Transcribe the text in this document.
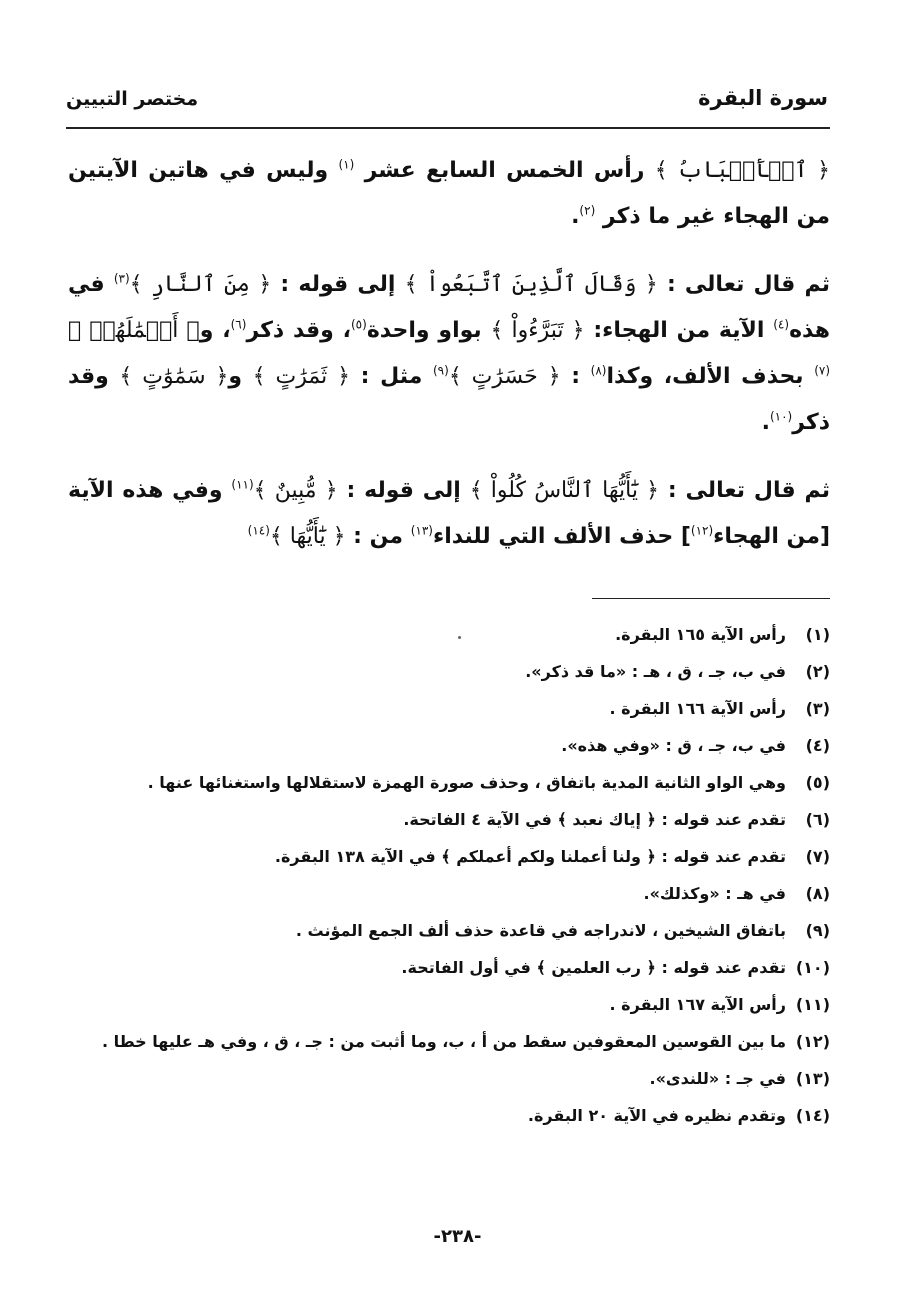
سورة البقرة
مختصر التبيين

﴿ ٱلۡأَسۡبَابُ ﴾ رأس الخمس السابع عشر $^{(١)}$ وليس في هاتين الآيتين من الهجاء غير ما ذكر $^{(٢)}$.

ثم قال تعالى : ﴿ وَقَالَ ٱلَّذِينَ ٱتَّبَعُواْ ﴾ إلى قوله : ﴿ مِنَ ٱلنَّارِ ﴾$^{(٣)}$ في هذه$^{(٤)}$ الآية من الهجاء: ﴿ تَبَرَّءُواْ ﴾ بواو واحدة$^{(٥)}$، وقد ذكر$^{(٦)}$، و﴿ أَعۡمَٰلَهُمۡ ﴾$^{(٧)}$ بحذف الألف، وكذا$^{(٨)}$ : ﴿ حَسَرَٰتٍ ﴾$^{(٩)}$ مثل : ﴿ ثَمَرَٰتٍ ﴾ و﴿ سَمَٰوَٰتٍ ﴾ وقد ذكر$^{(١٠)}$.

ثم قال تعالى : ﴿ يَٰٓأَيُّهَا ٱلنَّاسُ كُلُواْ ﴾ إلى قوله : ﴿ مُّبِينٌ ﴾$^{(١١)}$ وفي هذه الآية [من الهجاء$^{(١٢)}$] حذف الألف التي للنداء$^{(١٣)}$ من : ﴿ يَٰٓأَيُّهَا ﴾$^{(١٤)}$

(١)رأس الآية ١٦٥ البقرة.
(٢)في ب، جـ ، ق ، هـ : «ما قد ذكر».
(٣)رأس الآية ١٦٦ البقرة .
(٤)في ب، جـ ، ق : «وفي هذه».
(٥)وهي الواو الثانية المدية باتفاق ، وحذف صورة الهمزة لاستقلالها واستغنائها عنها .
(٦)تقدم عند قوله : ﴿ إياك نعبد ﴾ في الآية ٤ الفاتحة.
(٧)تقدم عند قوله : ﴿ ولنا أعملنا ولكم أعملكم ﴾ في الآية ١٣٨ البقرة.
(٨)في هـ : «وكذلك».
(٩)باتفاق الشيخين ، لاندراجه في قاعدة حذف ألف الجمع المؤنث .
(١٠)تقدم عند قوله : ﴿ رب العلمين ﴾ في أول الفاتحة.
(١١)رأس الآية ١٦٧ البقرة .
(١٢)ما بين القوسين المعقوفين سقط من أ ، ب، وما أثبت من : جـ ، ق ، وفي هـ عليها خطا .
(١٣)في جـ : «للندى».
(١٤)وتقدم نظيره في الآية ٢٠ البقرة.
-٢٣٨-
